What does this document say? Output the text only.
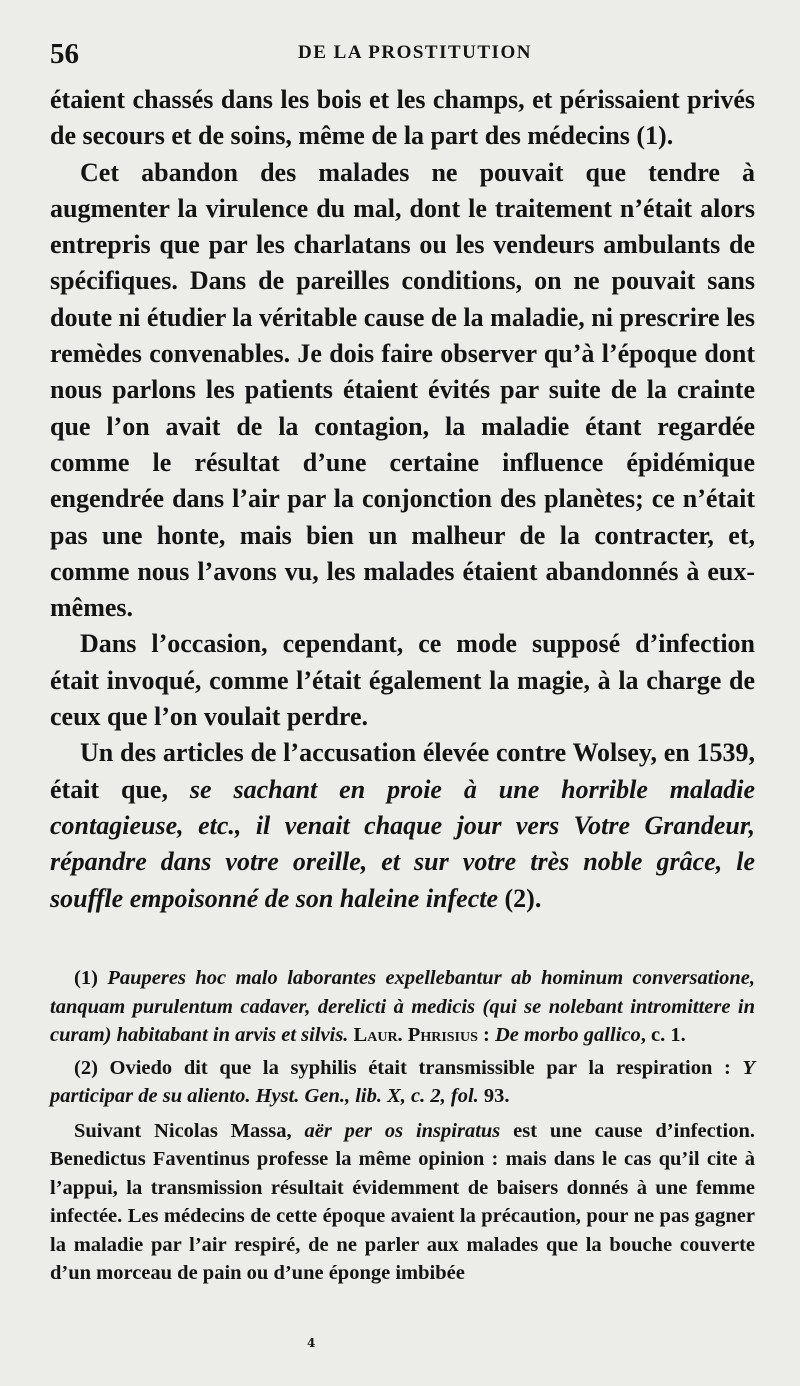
56	DE LA PROSTITUTION

étaient chassés dans les bois et les champs, et périssaient privés de secours et de soins, même de la part des médecins (1).

Cet abandon des malades ne pouvait que tendre à augmenter la virulence du mal, dont le traitement n’était alors entrepris que par les charlatans ou les vendeurs ambulants de spécifiques. Dans de pareilles conditions, on ne pouvait sans doute ni étudier la véritable cause de la maladie, ni prescrire les remèdes convenables. Je dois faire observer qu’à l’époque dont nous parlons les patients étaient évités par suite de la crainte que l’on avait de la contagion, la maladie étant regardée comme le résultat d’une certaine influence épidémique engendrée dans l’air par la conjonction des planètes; ce n’était pas une honte, mais bien un malheur de la contracter, et, comme nous l’avons vu, les malades étaient abandonnés à eux-mêmes.

Dans l’occasion, cependant, ce mode supposé d’infection était invoqué, comme l’était également la magie, à la charge de ceux que l’on voulait perdre.

Un des articles de l’accusation élevée contre Wolsey, en 1539, était que, se sachant en proie à une horrible maladie contagieuse, etc., il venait chaque jour vers Votre Grandeur, répandre dans votre oreille, et sur votre très noble grâce, le souffle empoisonné de son haleine infecte (2).

(1) Pauperes hoc malo laborantes expellebantur ab hominum conversatione, tanquam purulentum cadaver, derelicti à medicis (qui se nolebant intromittere in curam) habitabant in arvis et silvis. Laur. Phrisius : De morbo gallico, c. 1.

(2) Oviedo dit que la syphilis était transmissible par la respiration : Y participar de su aliento. Hyst. Gen., lib. X, c. 2, fol. 93.

Suivant Nicolas Massa, aër per os inspiratus est une cause d’infection. Benedictus Faventinus professe la même opinion : mais dans le cas qu’il cite à l’appui, la transmission résultait évidemment de baisers donnés à une femme infectée. Les médecins de cette époque avaient la précaution, pour ne pas gagner la maladie par l’air respiré, de ne parler aux malades que la bouche couverte d’un morceau de pain ou d’une éponge imbibée

4
